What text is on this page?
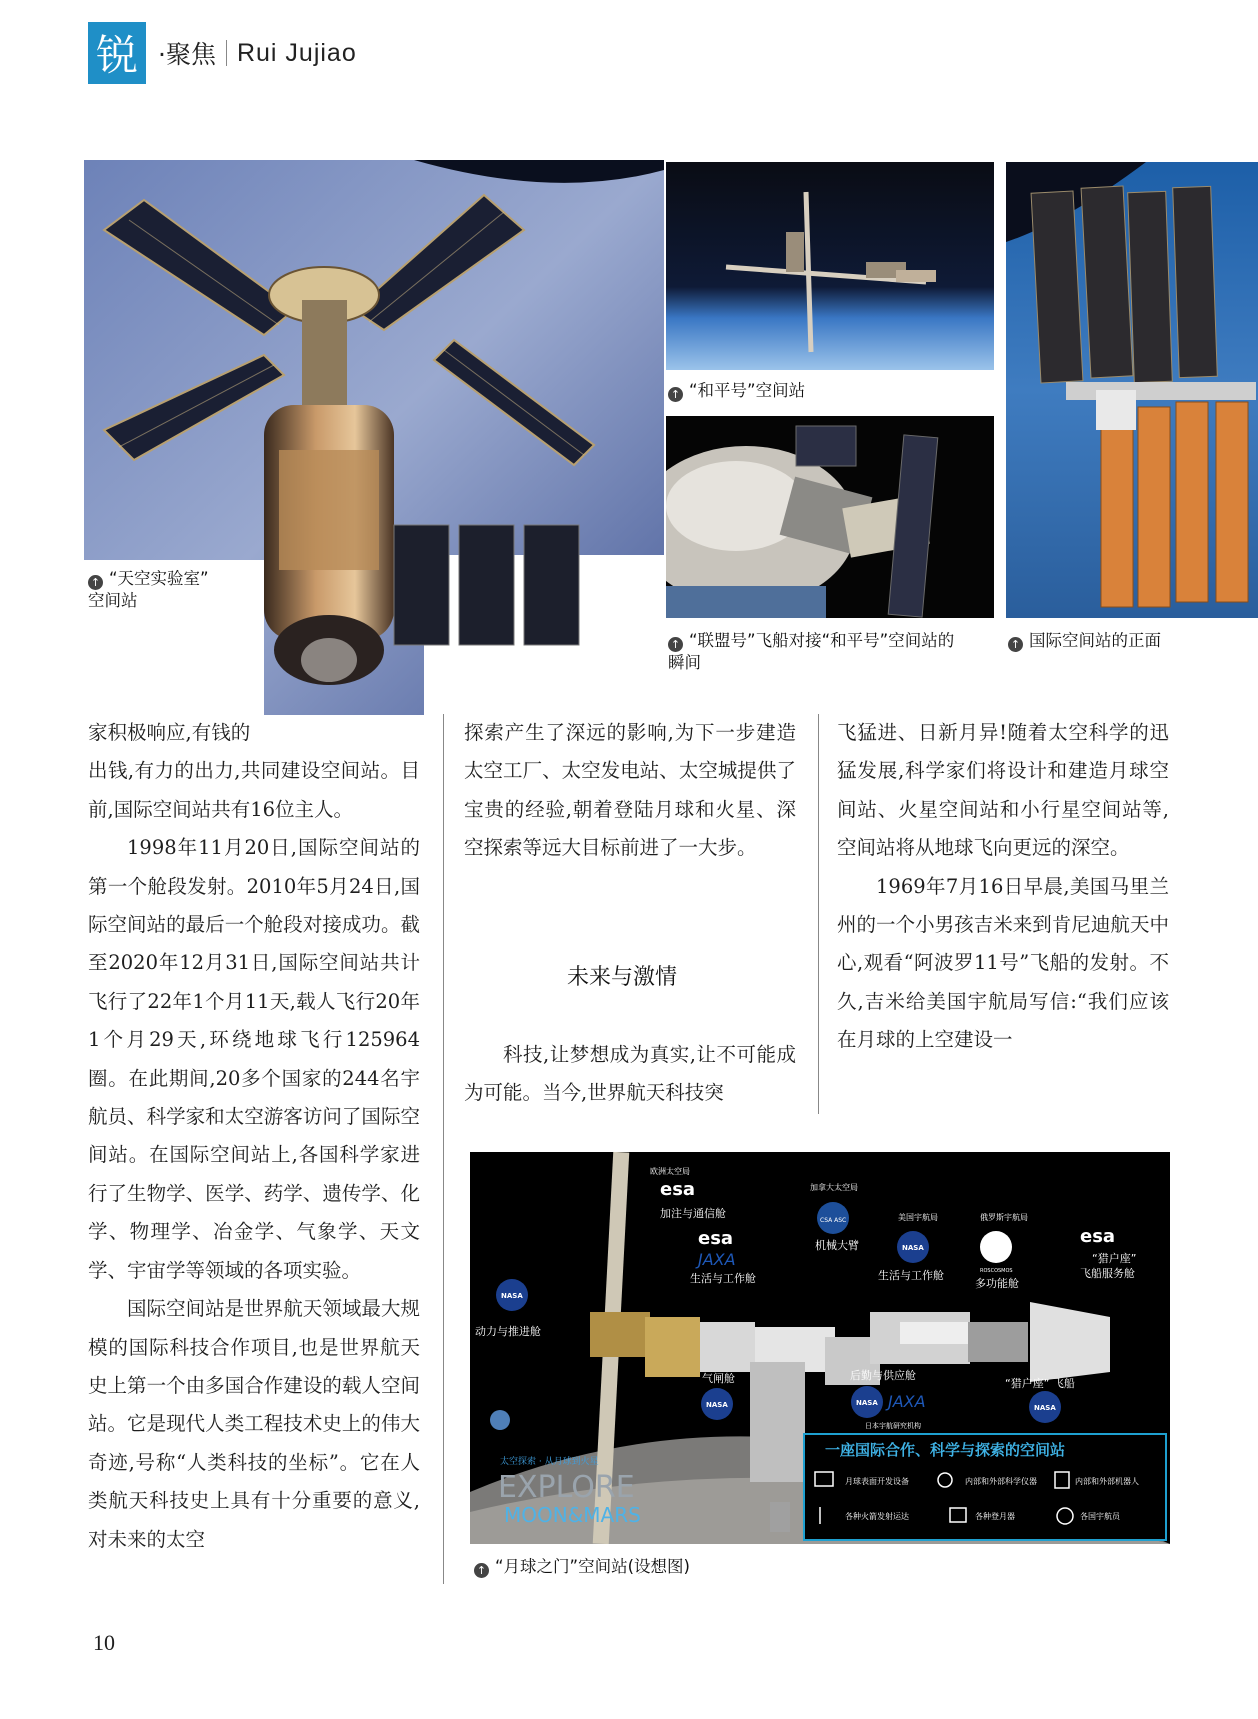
锐 ·聚焦 Rui Jujiao
↑ “天空实验室”
空间站
↑ “和平号”空间站
↑ “联盟号”飞船对接“和平号”空间站的
瞬间
↑ 国际空间站的正面

家积极响应,有钱的

出钱,有力的出力,共同建设空间站。目前,国际空间站共有16位主人。

1998年11月20日,国际空间站的第一个舱段发射。2010年5月24日,国际空间站的最后一个舱段对接成功。截至2020年12月31日,国际空间站共计飞行了22年1个月11天,载人飞行20年1个月29天,环绕地球飞行125964圈。在此期间,20多个国家的244名宇航员、科学家和太空游客访问了国际空间站。在国际空间站上,各国科学家进行了生物学、医学、药学、遗传学、化学、物理学、冶金学、气象学、天文学、宇宙学等领域的各项实验。

国际空间站是世界航天领域最大规模的国际科技合作项目,也是世界航天史上第一个由多国合作建设的载人空间站。它是现代人类工程技术史上的伟大奇迹,号称“人类科技的坐标”。它在人类航天科技史上具有十分重要的意义,对未来的太空

探索产生了深远的影响,为下一步建造太空工厂、太空发电站、太空城提供了宝贵的经验,朝着登陆月球和火星、深空探索等远大目标前进了一大步。

未来与激情

科技,让梦想成为真实,让不可能成为可能。当今,世界航天科技突

飞猛进、日新月异!随着太空科学的迅猛发展,科学家们将设计和建造月球空间站、火星空间站和小行星空间站等,空间站将从地球飞向更远的深空。

1969年7月16日早晨,美国马里兰州的一个小男孩吉米来到肯尼迪航天中心,观看“阿波罗11号”飞船的发射。不久,吉米给美国宇航局写信:“我们应该在月球的上空建设一

欧洲太空局
esa
加注与通信舱
加拿大太空局
CSA ASC
机械大臂
esa
JAXA
生活与工作舱
美国宇航局
NASA
生活与工作舱
俄罗斯宇航局
ROSCOSMOS
多功能舱
esa
“猎户座”
飞船服务舱
NASA
动力与推进舱
气闸舱
NASA
后勤与供应舱
NASA JAXA
日本宇航研究机构
“猎户座” 飞船
NASA
太空探索 · 从月球到火星
EXPLORE
MOON&MARS
一座国际合作、科学与探索的空间站
月球表面开发设备	内部和外部科学仪器	内部和外部机器人
各种火箭发射运达	各种登月器	各国宇航员
↑ “月球之门”空间站(设想图)
10
